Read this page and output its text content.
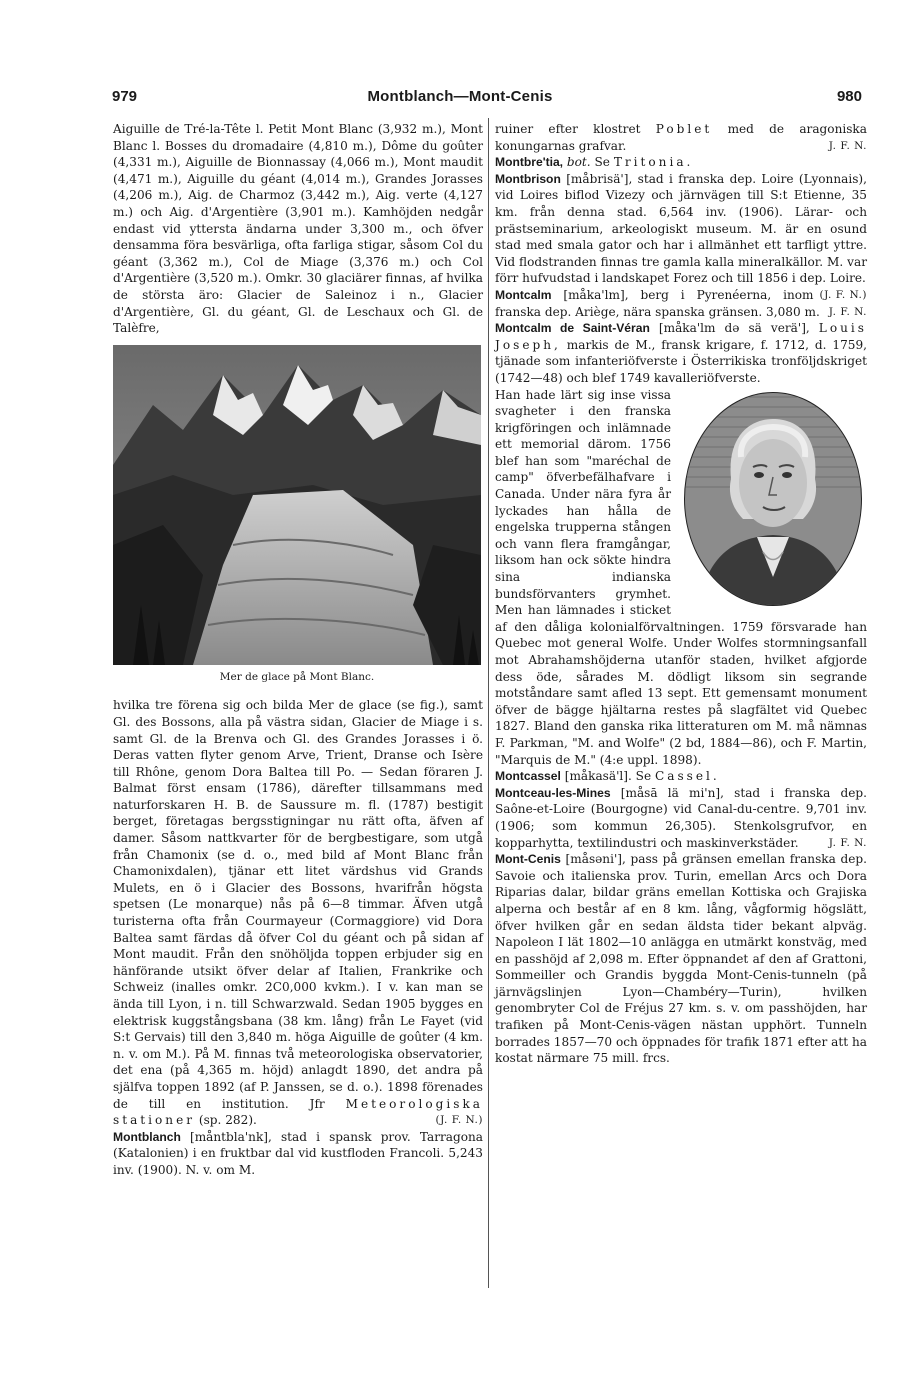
979	Montblanch—Mont-Cenis	980

Aiguille de Tré-la-Tête l. Petit Mont Blanc (3,932 m.), Mont Blanc l. Bosses du dromadaire (4,810 m.), Dôme du goûter (4,331 m.), Aiguille de Bionnassay (4,066 m.), Mont maudit (4,471 m.), Aiguille du géant (4,014 m.), Grandes Jorasses (4,206 m.), Aig. de Charmoz (3,442 m.), Aig. verte (4,127 m.) och Aig. d'Argentière (3,901 m.). Kamhöjden nedgår endast vid yttersta ändarna under 3,300 m., och öfver densamma föra besvärliga, ofta farliga stigar, såsom Col du géant (3,362 m.), Col de Miage (3,376 m.) och Col d'Argentière (3,520 m.). Omkr. 30 glaciärer finnas, af hvilka de största äro: Glacier de Saleinoz i n., Glacier d'Argentière, Gl. du géant, Gl. de Leschaux och Gl. de Talèfre,

Mer de glace på Mont Blanc.

hvilka tre förena sig och bilda Mer de glace (se fig.), samt Gl. des Bossons, alla på västra sidan, Glacier de Miage i s. samt Gl. de la Brenva och Gl. des Grandes Jorasses i ö. Deras vatten flyter genom Arve, Trient, Dranse och Isère till Rhône, genom Dora Baltea till Po. — Sedan föraren J. Balmat först ensam (1786), därefter tillsammans med naturforskaren H. B. de Saussure m. fl. (1787) bestigit berget, företagas bergsstigningar nu rätt ofta, äfven af damer. Såsom nattkvarter för de bergbestigare, som utgå från Chamonix (se d. o., med bild af Mont Blanc från Chamonixdalen), tjänar ett litet värdshus vid Grands Mulets, en ö i Glacier des Bossons, hvarifrån högsta spetsen (Le monarque) nås på 6—8 timmar. Äfven utgå turisterna ofta från Courmayeur (Cormaggiore) vid Dora Baltea samt färdas då öfver Col du géant och på sidan af Mont maudit. Från den snöhöljda toppen erbjuder sig en hänförande utsikt öfver delar af Italien, Frankrike och Schweiz (inalles omkr. 2C0,000 kvkm.). I v. kan man se ända till Lyon, i n. till Schwarzwald. Sedan 1905 bygges en elektrisk kuggstångsbana (38 km. lång) från Le Fayet (vid S:t Gervais) till den 3,840 m. höga Aiguille de goûter (4 km. n. v. om M.). På M. finnas två meteorologiska observatorier, det ena (på 4,365 m. höjd) anlagdt 1890, det andra på själfva toppen 1892 (af P. Janssen, se d. o.). 1898 förenades de till en institution. Jfr Meteorologiska stationer (sp. 282).	(J. F. N.)

Montblanch [måntbla'nk], stad i spansk prov. Tarragona (Katalonien) i en fruktbar dal vid kustfloden Francoli. 5,243 inv. (1900). N. v. om M.

ruiner efter klostret Poblet med de aragoniska konungarnas grafvar.	J. F. N.

Montbre'tia, bot. Se Tritonia.

Montbrison [måbrisä'], stad i franska dep. Loire (Lyonnais), vid Loires biflod Vizezy och järnvägen till S:t Etienne, 35 km. från denna stad. 6,564 inv. (1906). Lärar- och prästseminarium, arkeologiskt museum. M. är en osund stad med smala gator och har i allmänhet ett tarfligt yttre. Vid flodstranden finnas tre gamla kalla mineralkällor. M. var förr hufvudstad i landskapet Forez och till 1856 i dep. Loire.
(J. F. N.)

Montcalm [måka'lm], berg i Pyrenéerna, inom franska dep. Ariège, nära spanska gränsen. 3,080 m. J. F. N.

Montcalm de Saint-Véran [måka'lm də sä verä'], Louis Joseph, markis de M., fransk krigare, f. 1712, d. 1759, tjänade som infanteriöfverste i Österrikiska tronföljdskriget (1742—48) och blef 1749 kavalleriöfverste.

Han hade lärt sig inse vissa svagheter i den franska krigföringen och inlämnade ett memorial därom. 1756 blef han som "maréchal de camp" öfverbefälhafvare i Canada. Under nära fyra år lyckades han hålla de engelska trupperna stången och vann flera framgångar, liksom han ock sökte hindra sina indianska bundsförvanters grymhet. Men han lämnades i sticket af den dåliga kolonialförvaltningen. 1759 försvarade han Quebec mot general Wolfe. Under Wolfes stormningsanfall mot Abrahamshöjderna utanför staden, hvilket afgjorde dess öde, sårades M. dödligt liksom sin segrande motståndare samt afled 13 sept. Ett gemensamt monument öfver de bägge hjältarna restes på slagfältet vid Quebec 1827. Bland den ganska rika litteraturen om M. må nämnas F. Parkman, "M. and Wolfe" (2 bd, 1884—86), och F. Martin, "Marquis de M." (4:e uppl. 1898).

Montcassel [måkasä'l]. Se Cassel.

Montceau-les-Mines [måsā lä mi'n], stad i franska dep. Saône-et-Loire (Bourgogne) vid Canal-du-centre. 9,701 inv. (1906; som kommun 26,305). Stenkolsgrufvor, en kopparhytta, textilindustri och maskinverkstäder.	J. F. N.

Mont-Cenis [måsəni'], pass på gränsen emellan franska dep. Savoie och italienska prov. Turin, emellan Arcs och Dora Riparias dalar, bildar gräns emellan Kottiska och Grajiska alperna och består af en 8 km. lång, vågformig högslätt, öfver hvilken går en sedan äldsta tider bekant alpväg. Napoleon I lät 1802—10 anlägga en utmärkt konstväg, med en passhöjd af 2,098 m. Efter öppnandet af den af Grattoni, Sommeiller och Grandis byggda Mont-Cenis-tunneln (på järnvägslinjen Lyon—Chambéry—Turin), hvilken genombryter Col de Fréjus 27 km. s. v. om passhöjden, har trafiken på Mont-Cenis-vägen nästan upphört. Tunneln borrades 1857—70 och öppnades för trafik 1871 efter att ha kostat närmare 75 mill. frcs.
